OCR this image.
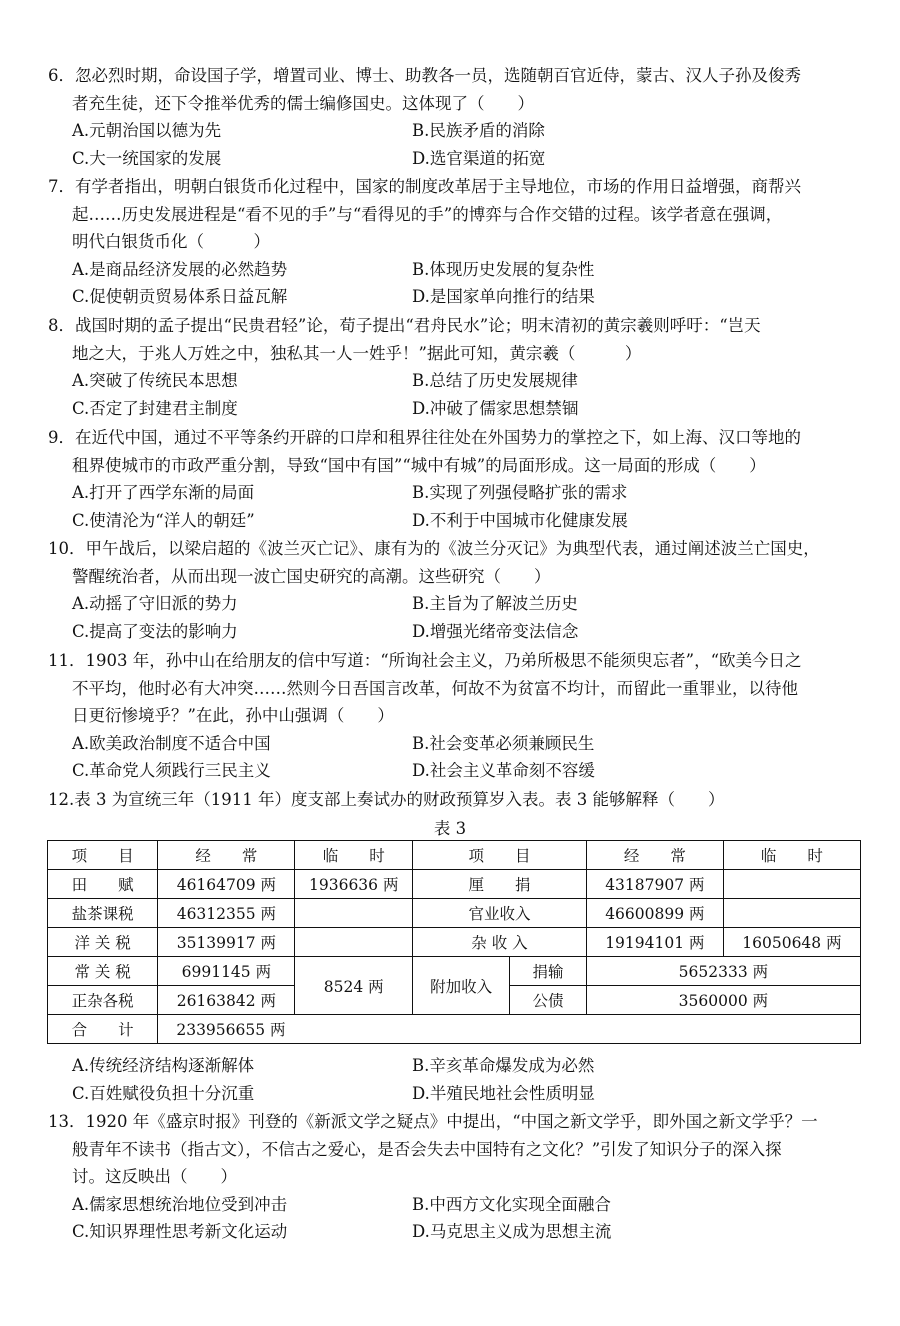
6．忽必烈时期，命设国子学，增置司业、博士、助教各一员，选随朝百官近侍，蒙古、汉人子孙及俊秀
者充生徒，还下令推举优秀的儒士编修国史。这体现了（　　）
A.元朝治国以德为先	B.民族矛盾的消除
C.大一统国家的发展	D.选官渠道的拓宽
7．有学者指出，明朝白银货币化过程中，国家的制度改革居于主导地位，市场的作用日益增强，商帮兴
起……历史发展进程是“看不见的手”与“看得见的手”的博弈与合作交错的过程。该学者意在强调，
明代白银货币化（　　　）
A.是商品经济发展的必然趋势	B.体现历史发展的复杂性
C.促使朝贡贸易体系日益瓦解	D.是国家单向推行的结果
8．战国时期的孟子提出“民贵君轻”论，荀子提出“君舟民水”论；明末清初的黄宗羲则呼吁：“岂天
地之大，于兆人万姓之中，独私其一人一姓乎！”据此可知，黄宗羲（　　　）
A.突破了传统民本思想	B.总结了历史发展规律
C.否定了封建君主制度	D.冲破了儒家思想禁锢
9．在近代中国，通过不平等条约开辟的口岸和租界往往处在外国势力的掌控之下，如上海、汉口等地的
租界使城市的市政严重分割，导致“国中有国”“城中有城”的局面形成。这一局面的形成（　　）
A.打开了西学东渐的局面	B.实现了列强侵略扩张的需求
C.使清沦为“洋人的朝廷”	D.不利于中国城市化健康发展
10．甲午战后，以梁启超的《波兰灭亡记》、康有为的《波兰分灭记》为典型代表，通过阐述波兰亡国史，
警醒统治者，从而出现一波亡国史研究的高潮。这些研究（　　）
A.动摇了守旧派的势力	B.主旨为了解波兰历史
C.提高了变法的影响力	D.增强光绪帝变法信念
11．1903 年，孙中山在给朋友的信中写道：“所询社会主义，乃弟所极思不能须臾忘者”，“欧美今日之
不平均，他时必有大冲突……然则今日吾国言改革，何故不为贫富不均计，而留此一重罪业，以待他
日更衍惨境乎？”在此，孙中山强调（　　）
A.欧美政治制度不适合中国	B.社会变革必须兼顾民生
C.革命党人须践行三民主义	D.社会主义革命刻不容缓
12.表 3 为宣统三年（1911 年）度支部上奏试办的财政预算岁入表。表 3 能够解释（　　）
表 3
项　　目	经　　常	临　　时	项　　目		经　　常	临　　时
田　　赋	46164709 两	1936636 两	厘　　捐		43187907 两	
盐茶课税	46312355 两		官业收入		46600899 两	
洋 关 税	35139917 两		杂 收 入		19194101 两	16050648 两
常 关 税	6991145 两	8524 两	附加收入	捐输	5652333 两	
正杂各税	26163842 两			公债	3560000 两	
合　　计	233956655 两					
A.传统经济结构逐渐解体	B.辛亥革命爆发成为必然
C.百姓赋役负担十分沉重	D.半殖民地社会性质明显
13．1920 年《盛京时报》刊登的《新派文学之疑点》中提出，“中国之新文学乎，即外国之新文学乎？一
般青年不读书（指古文），不信古之爱心，是否会失去中国特有之文化？”引发了知识分子的深入探
讨。这反映出（　　）
A.儒家思想统治地位受到冲击	B.中西方文化实现全面融合
C.知识界理性思考新文化运动	D.马克思主义成为思想主流
